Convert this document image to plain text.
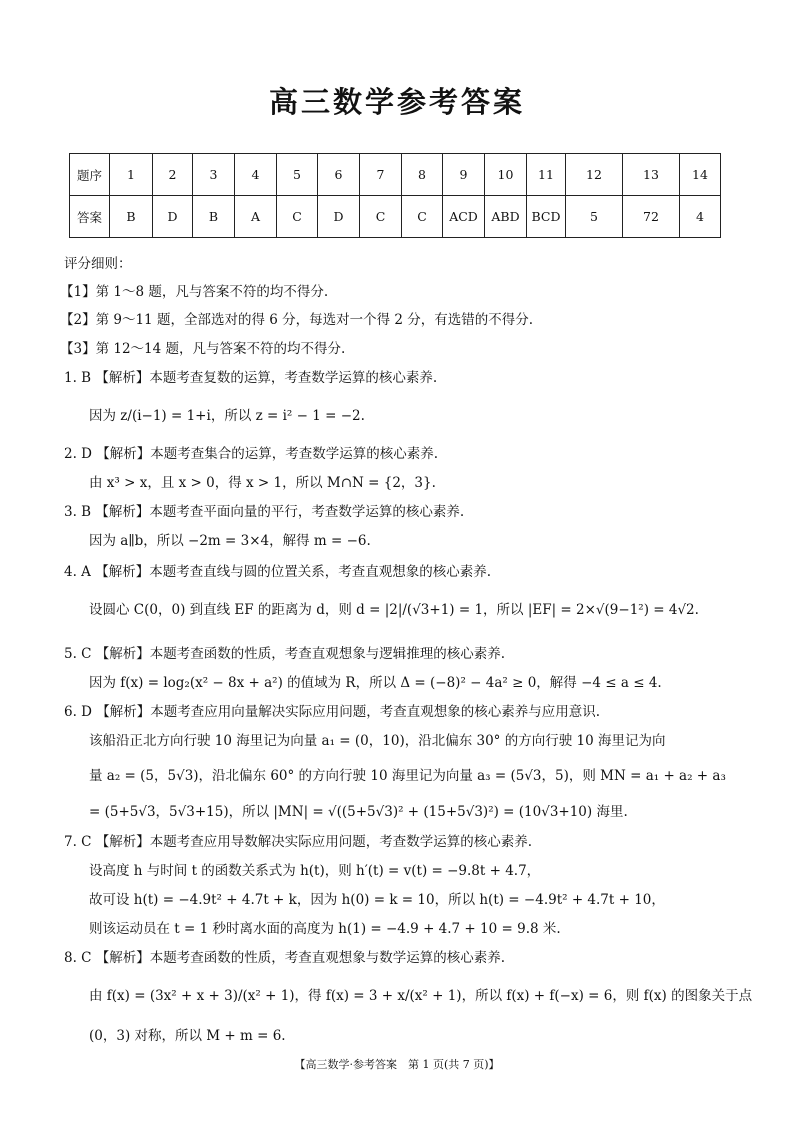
高三数学参考答案
题序	1	2	3	4	5	6	7	8	9	10	11	12	13	14
答案	B	D	B	A	C	D	C	C	ACD	ABD	BCD	5	72	4
评分细则：
【1】第 1～8 题，凡与答案不符的均不得分.
【2】第 9～11 题，全部选对的得 6 分，每选对一个得 2 分，有选错的不得分.
【3】第 12～14 题，凡与答案不符的均不得分.
1. B 【解析】本题考查复数的运算，考查数学运算的核心素养.
因为 z/(i−1) = 1+i，所以 z = i² − 1 = −2.
2. D 【解析】本题考查集合的运算，考查数学运算的核心素养.
由 x³ > x，且 x > 0，得 x > 1，所以 M∩N = {2，3}.
3. B 【解析】本题考查平面向量的平行，考查数学运算的核心素养.
因为 a∥b，所以 −2m = 3×4，解得 m = −6.
4. A 【解析】本题考查直线与圆的位置关系，考查直观想象的核心素养.
设圆心 C(0，0) 到直线 EF 的距离为 d，则 d = |2|/(√3+1) = 1，所以 |EF| = 2×√(9−1²) = 4√2.
5. C 【解析】本题考查函数的性质，考查直观想象与逻辑推理的核心素养.
因为 f(x) = log₂(x² − 8x + a²) 的值域为 R，所以 Δ = (−8)² − 4a² ≥ 0，解得 −4 ≤ a ≤ 4.
6. D 【解析】本题考查应用向量解决实际应用问题，考查直观想象的核心素养与应用意识.
该船沿正北方向行驶 10 海里记为向量 a₁ = (0，10)，沿北偏东 30° 的方向行驶 10 海里记为向
量 a₂ = (5，5√3)，沿北偏东 60° 的方向行驶 10 海里记为向量 a₃ = (5√3，5)，则 MN = a₁ + a₂ + a₃
= (5+5√3，5√3+15)，所以 |MN| = √((5+5√3)² + (15+5√3)²) = (10√3+10) 海里.
7. C 【解析】本题考查应用导数解决实际应用问题，考查数学运算的核心素养.
设高度 h 与时间 t 的函数关系式为 h(t)，则 h′(t) = v(t) = −9.8t + 4.7，
故可设 h(t) = −4.9t² + 4.7t + k，因为 h(0) = k = 10，所以 h(t) = −4.9t² + 4.7t + 10，
则该运动员在 t = 1 秒时离水面的高度为 h(1) = −4.9 + 4.7 + 10 = 9.8 米.
8. C 【解析】本题考查函数的性质，考查直观想象与数学运算的核心素养.
由 f(x) = (3x² + x + 3)/(x² + 1)，得 f(x) = 3 + x/(x² + 1)，所以 f(x) + f(−x) = 6，则 f(x) 的图象关于点
(0，3) 对称，所以 M + m = 6.
【高三数学·参考答案　第 1 页(共 7 页)】
